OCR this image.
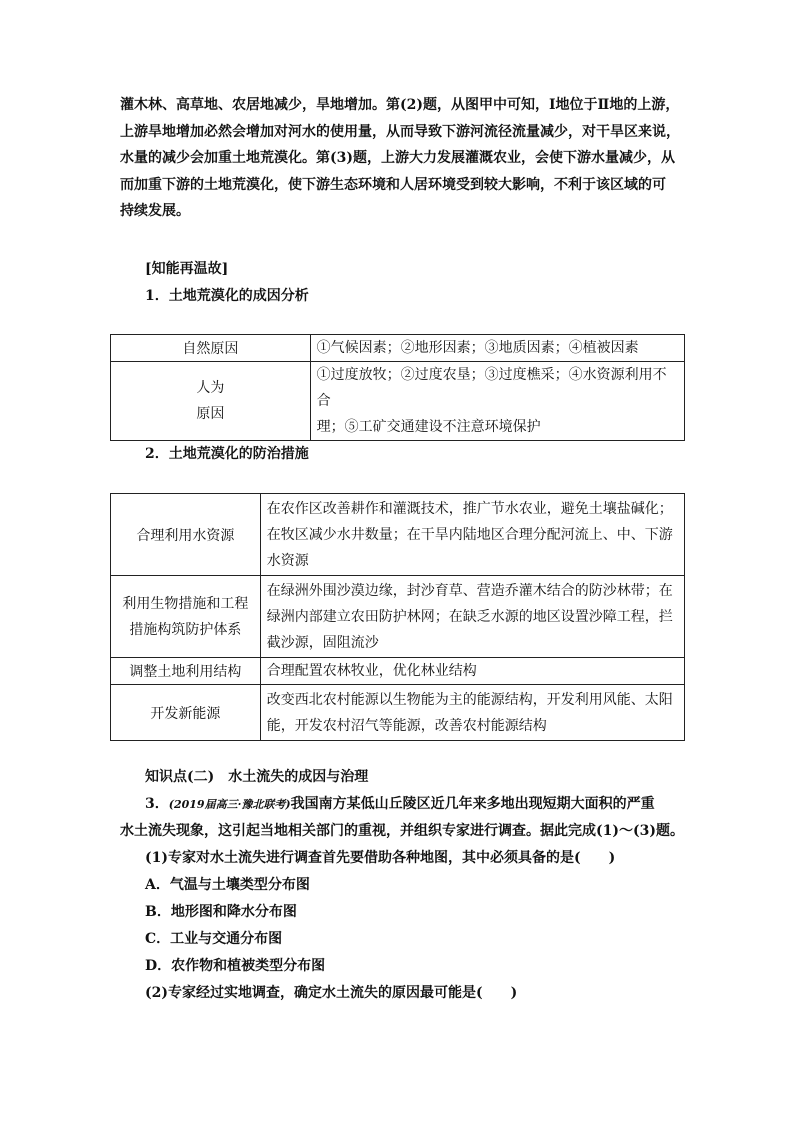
灌木林、高草地、农居地减少，旱地增加。第(2)题，从图甲中可知，Ⅰ地位于Ⅱ地的上游，
上游旱地增加必然会增加对河水的使用量，从而导致下游河流径流量减少，对干旱区来说，
水量的减少会加重土地荒漠化。第(3)题，上游大力发展灌溉农业，会使下游水量减少，从
而加重下游的土地荒漠化，使下游生态环境和人居环境受到较大影响，不利于该区域的可
持续发展。
[知能再温故]
1．土地荒漠化的成因分析
自然原因	①气候因素；②地形因素；③地质因素；④植被因素

人为
原因	①过度放牧；②过度农垦；③过度樵采；④水资源利用不合
理；⑤工矿交通建设不注意环境保护
2．土地荒漠化的防治措施
合理利用水资源	在农作区改善耕作和灌溉技术，推广节水农业，避免土壤盐碱化；
在牧区减少水井数量；在干旱内陆地区合理分配河流上、中、下游
水资源

利用生物措施和工程
措施构筑防护体系	在绿洲外围沙漠边缘，封沙育草、营造乔灌木结合的防沙林带；在
绿洲内部建立农田防护林网；在缺乏水源的地区设置沙障工程，拦
截沙源，固阻流沙

调整土地利用结构	合理配置农林牧业，优化林业结构

开发新能源	改变西北农村能源以生物能为主的能源结构，开发利用风能、太阳
能，开发农村沼气等能源，改善农村能源结构
知识点(二)　水土流失的成因与治理
3．(2019届高三·豫北联考)我国南方某低山丘陵区近几年来多地出现短期大面积的严重
水土流失现象，这引起当地相关部门的重视，并组织专家进行调查。据此完成(1)～(3)题。
(1)专家对水土流失进行调查首先要借助各种地图，其中必须具备的是(　　)
A．气温与土壤类型分布图
B．地形图和降水分布图
C．工业与交通分布图
D．农作物和植被类型分布图
(2)专家经过实地调查，确定水土流失的原因最可能是(　　)
